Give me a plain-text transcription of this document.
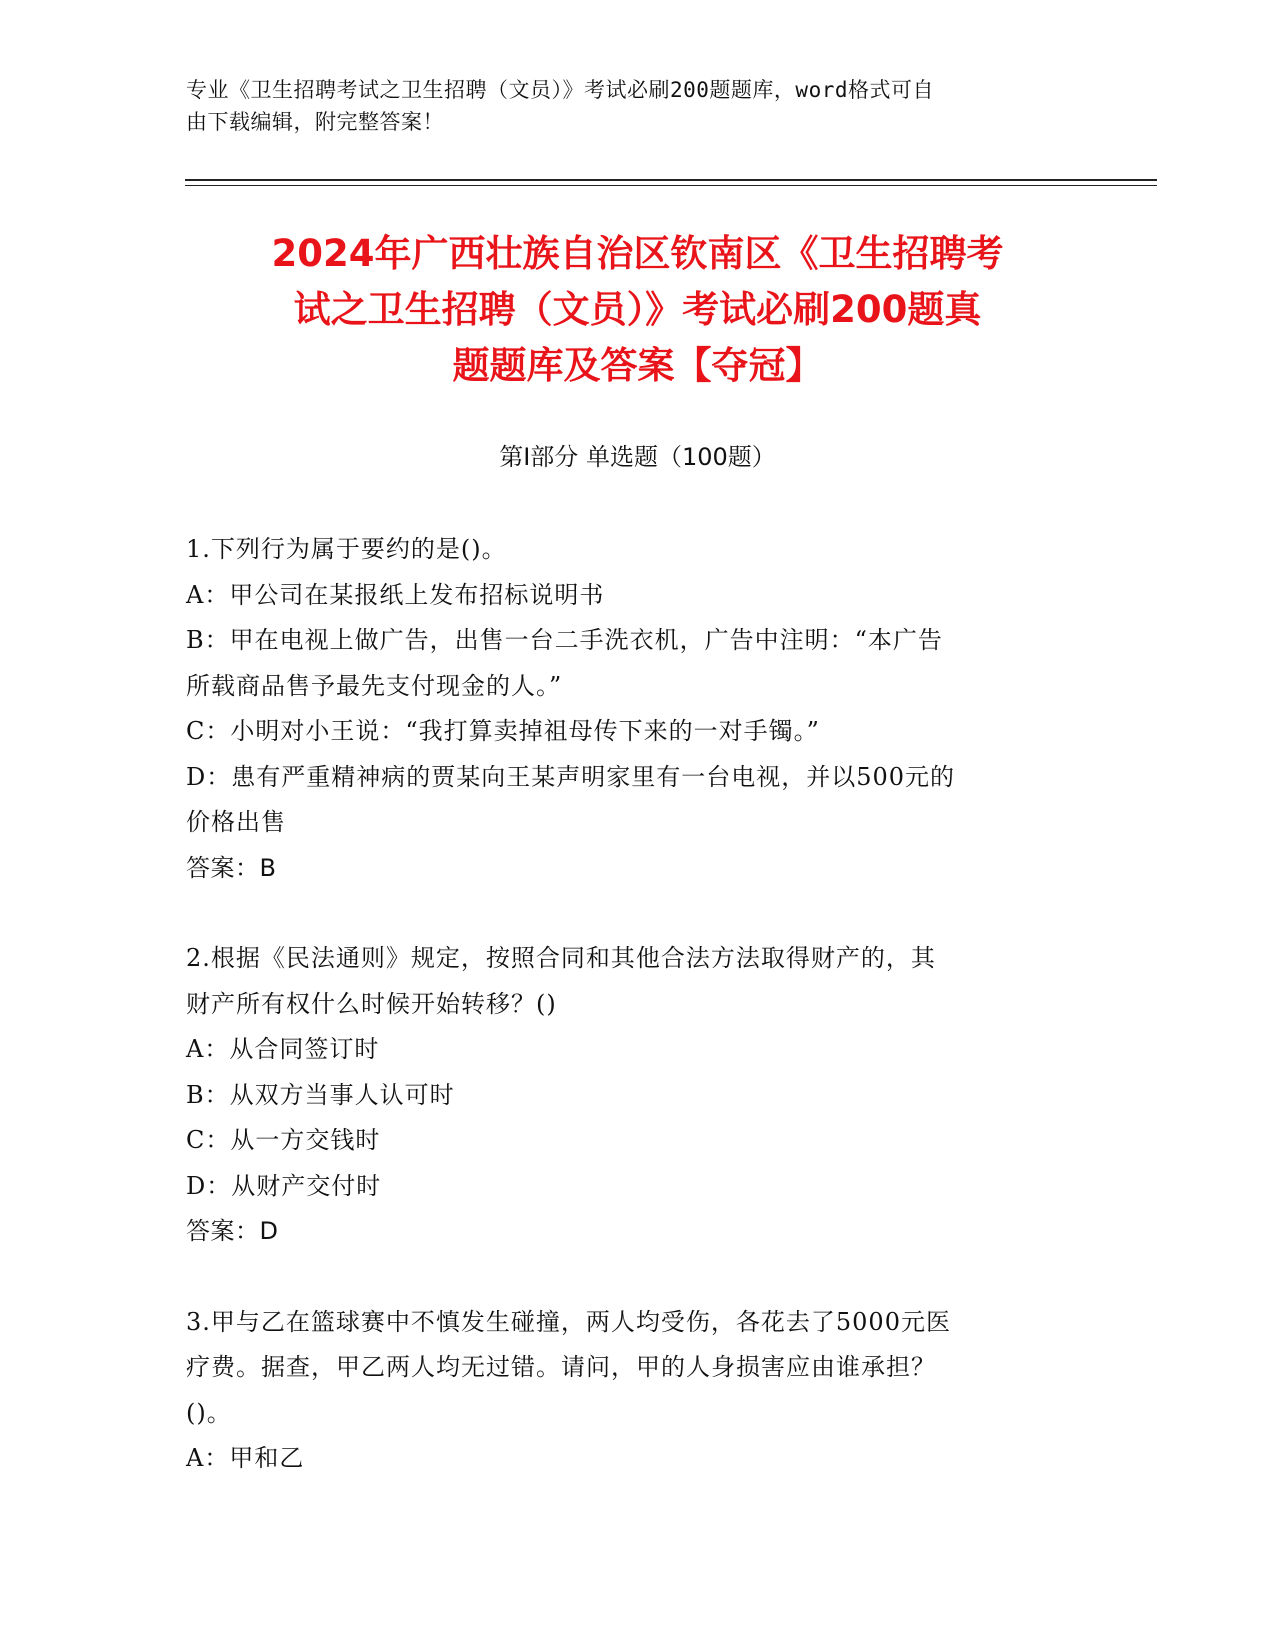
专业《卫生招聘考试之卫生招聘（文员）》考试必刷200题题库，word格式可自
由下载编辑，附完整答案！
2024年广西壮族自治区钦南区《卫生招聘考
试之卫生招聘（文员）》考试必刷200题真
题题库及答案【夺冠】
第Ⅰ部分 单选题（100题）

1.下列行为属于要约的是()。

A：甲公司在某报纸上发布招标说明书

B：甲在电视上做广告，出售一台二手洗衣机，广告中注明：“本广告

所载商品售予最先支付现金的人。”

C：小明对小王说：“我打算卖掉祖母传下来的一对手镯。”

D：患有严重精神病的贾某向王某声明家里有一台电视，并以500元的

价格出售

答案：B

2.根据《民法通则》规定，按照合同和其他合法方法取得财产的，其

财产所有权什么时候开始转移？()

A：从合同签订时

B：从双方当事人认可时

C：从一方交钱时

D：从财产交付时

答案：D

3.甲与乙在篮球赛中不慎发生碰撞，两人均受伤，各花去了5000元医

疗费。据查，甲乙两人均无过错。请问，甲的人身损害应由谁承担？

()。

A：甲和乙
